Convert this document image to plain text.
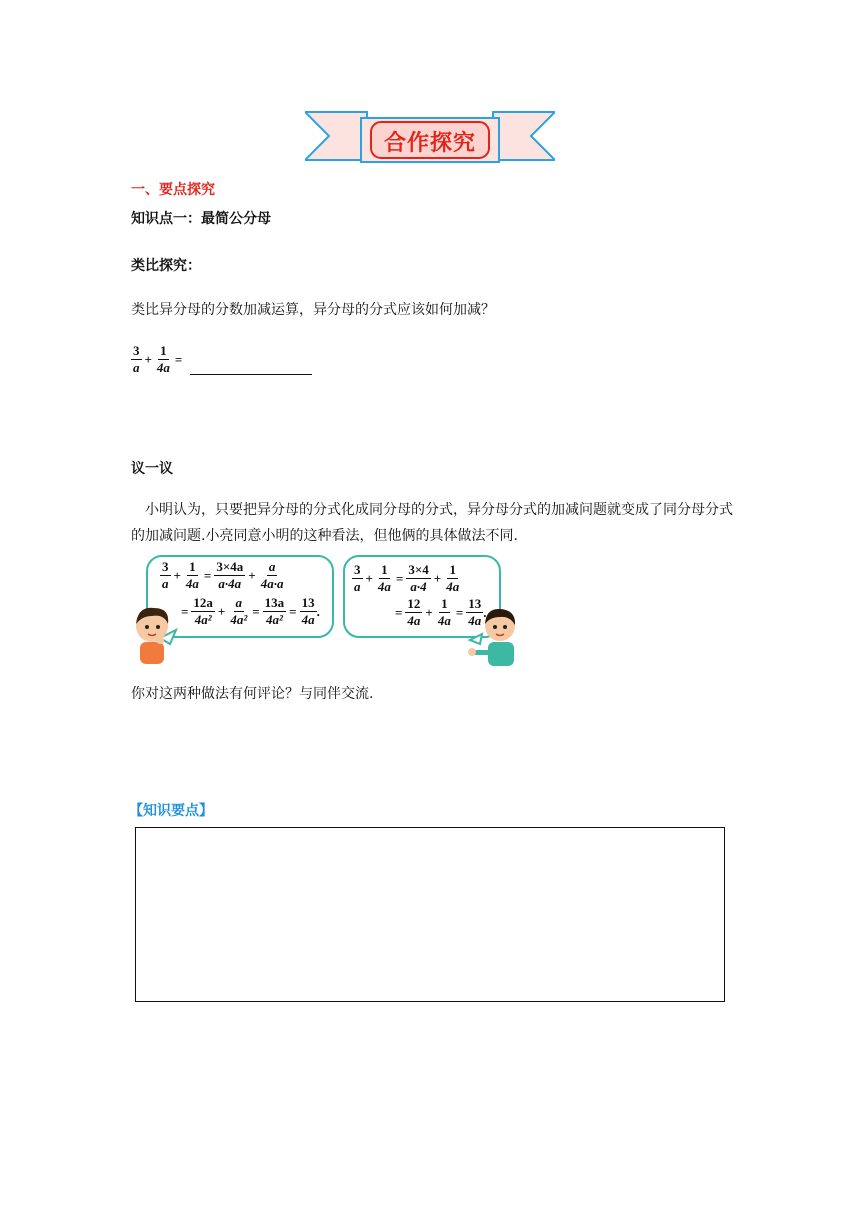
合作探究
一、要点探究
知识点一：最简公分母
类比探究：
类比异分母的分数加减运算，异分母的分式应该如何加减？
$\frac{3}{a} + \frac{1}{4a}$ =
议一议
小明认为，只要把异分母的分式化成同分母的分式，异分母分式的加减问题就变成了同分母分式的加减问题.小亮同意小明的这种看法，但他俩的具体做法不同.
$\frac{3}{a} + \frac{1}{4a} = \frac{3\times 4a}{a\cdot 4a} + \frac{a}{4a\cdot a}$
= $\frac{12a}{\text{4a²}} + \frac{a}{\text{4a²}} = \frac{13a}{\text{4a²}} = \frac{13}{4a}$ .
$\frac{3}{a} + \frac{1}{4a} = \frac{3\times 4}{a\cdot 4} + \frac{1}{4a}$
= $\frac{12}{4a} + \frac{1}{4a} = \frac{13}{4a}$ .
你对这两种做法有何评论？与同伴交流.
【知识要点】
